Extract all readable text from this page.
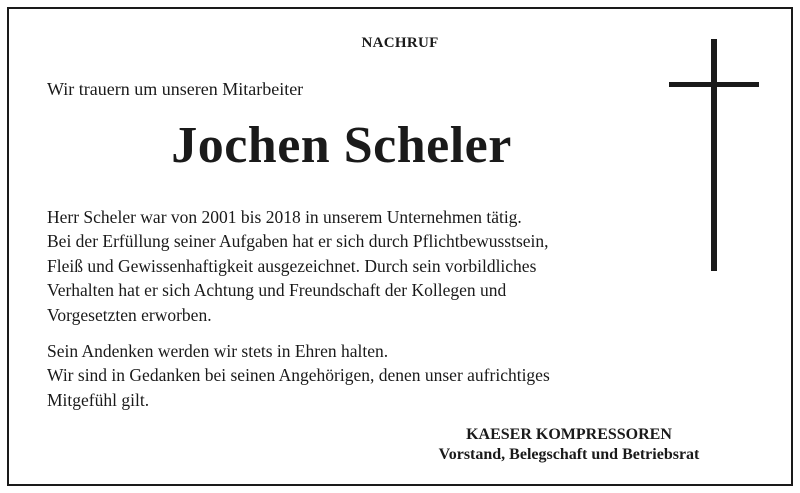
NACHRUF
Wir trauern um unseren Mitarbeiter
Jochen Scheler
Herr Scheler war von 2001 bis 2018 in unserem Unternehmen tätig.
Bei der Erfüllung seiner Aufgaben hat er sich durch Pflichtbewusstsein,
Fleiß und Gewissenhaftigkeit ausgezeichnet. Durch sein vorbildliches
Verhalten hat er sich Achtung und Freundschaft der Kollegen und
Vorgesetzten erworben.
Sein Andenken werden wir stets in Ehren halten.
Wir sind in Gedanken bei seinen Angehörigen, denen unser aufrichtiges
Mitgefühl gilt.
KAESER KOMPRESSOREN
Vorstand, Belegschaft und Betriebsrat
